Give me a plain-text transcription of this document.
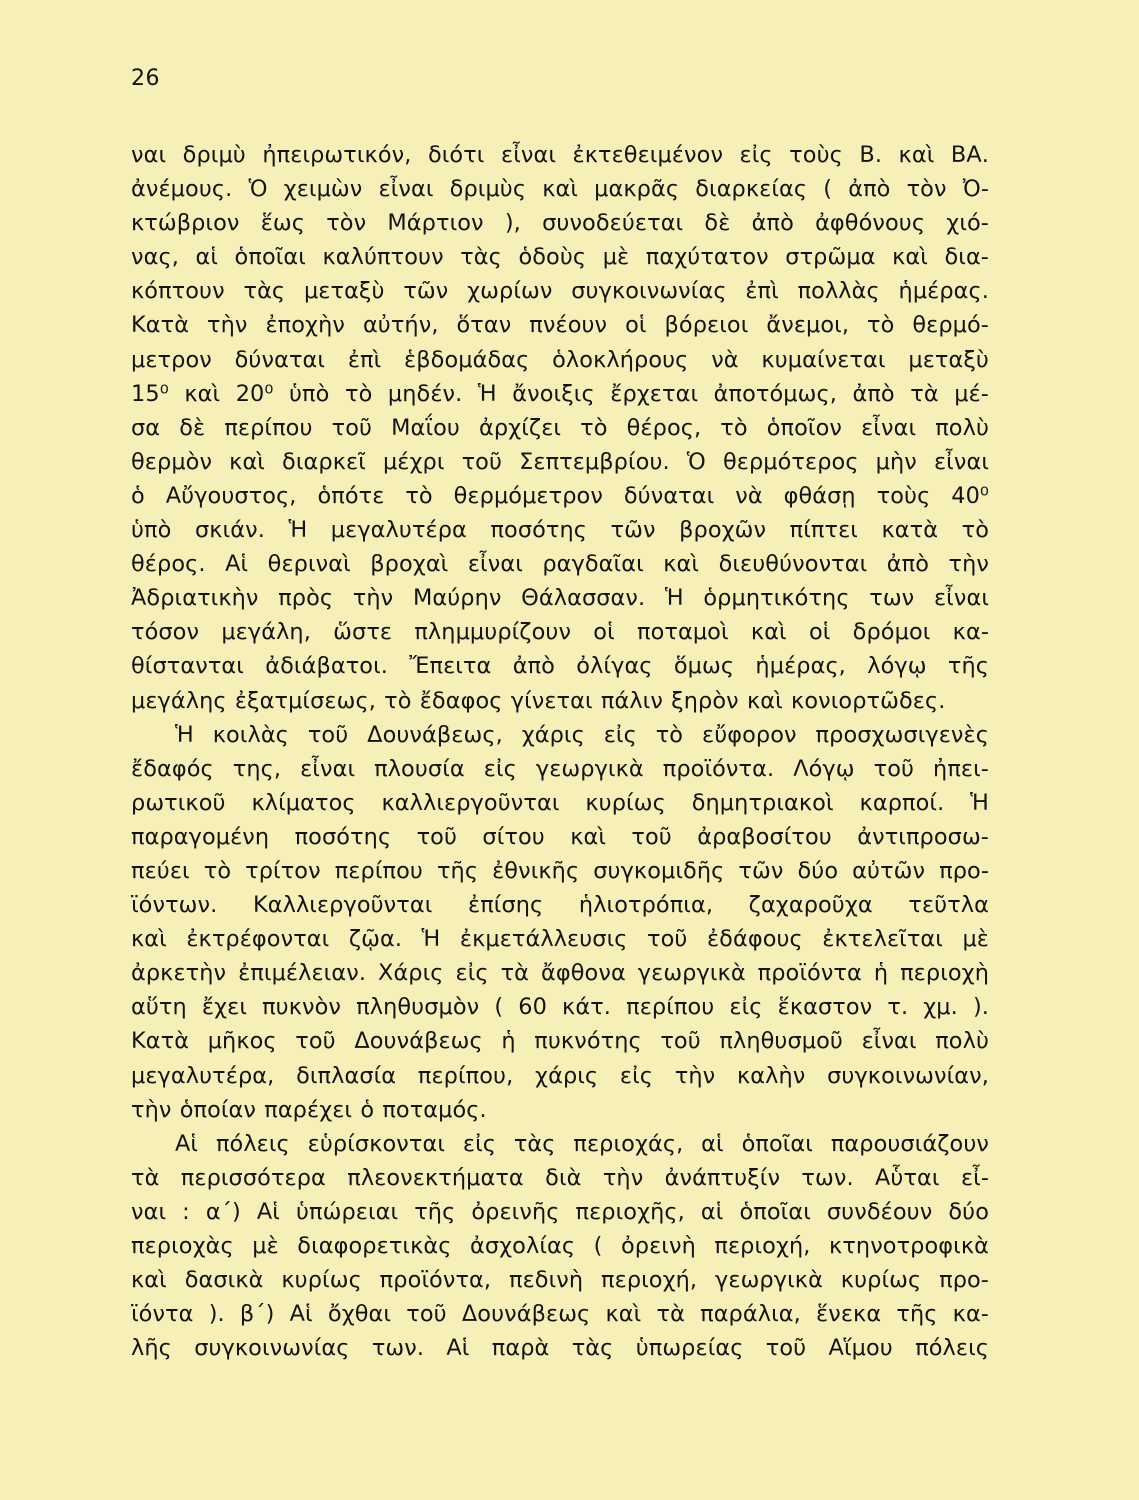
26

ναι δριμὺ ἠπειρωτικόν, διότι εἶναι ἐκτεθειμένον εἰς τοὺς Β. καὶ ΒΑ.
ἀνέμους. Ὁ χειμὼν εἶναι δριμὺς καὶ μακρᾶς διαρκείας ( ἀπὸ τὸν Ὀ-
κτώβριον ἕως τὸν Μάρτιον ), συνοδεύεται δὲ ἀπὸ ἀφθόνους χιό-
νας, αἱ ὁποῖαι καλύπτουν τὰς ὁδοὺς μὲ παχύτατον στρῶμα καὶ δια-
κόπτουν τὰς μεταξὺ τῶν χωρίων συγκοινωνίας ἐπὶ πολλὰς ἡμέρας.
Κατὰ τὴν ἐποχὴν αὐτήν, ὅταν πνέουν οἱ βόρειοι ἄνεμοι, τὸ θερμό-
μετρον δύναται ἐπὶ ἑβδομάδας ὁλοκλήρους νὰ κυμαίνεται μεταξὺ
15⁰ καὶ 20⁰ ὑπὸ τὸ μηδέν. Ἡ ἄνοιξις ἔρχεται ἀποτόμως, ἀπὸ τὰ μέ-
σα δὲ περίπου τοῦ Μαΐου ἀρχίζει τὸ θέρος, τὸ ὁποῖον εἶναι πολὺ
θερμὸν καὶ διαρκεῖ μέχρι τοῦ Σεπτεμβρίου. Ὁ θερμότερος μὴν εἶναι
ὁ Αὔγουστος, ὁπότε τὸ θερμόμετρον δύναται νὰ φθάσῃ τοὺς 40⁰
ὑπὸ σκιάν. Ἡ μεγαλυτέρα ποσότης τῶν βροχῶν πίπτει κατὰ τὸ
θέρος. Αἱ θεριναὶ βροχαὶ εἶναι ραγδαῖαι καὶ διευθύνονται ἀπὸ τὴν
Ἀδριατικὴν πρὸς τὴν Μαύρην Θάλασσαν. Ἡ ὁρμητικότης των εἶναι
τόσον μεγάλη, ὥστε πλημμυρίζουν οἱ ποταμοὶ καὶ οἱ δρόμοι κα-
θίστανται ἀδιάβατοι. Ἔπειτα ἀπὸ ὀλίγας ὅμως ἡμέρας, λόγῳ τῆς
μεγάλης ἐξατμίσεως, τὸ ἔδαφος γίνεται πάλιν ξηρὸν καὶ κονιορτῶδες.

Ἡ κοιλὰς τοῦ Δουνάβεως, χάρις εἰς τὸ εὔφορον προσχωσιγενὲς
ἔδαφός της, εἶναι πλουσία εἰς γεωργικὰ προϊόντα. Λόγῳ τοῦ ἠπει-
ρωτικοῦ κλίματος καλλιεργοῦνται κυρίως δημητριακοὶ καρποί. Ἡ
παραγομένη ποσότης τοῦ σίτου καὶ τοῦ ἀραβοσίτου ἀντιπροσω-
πεύει τὸ τρίτον περίπου τῆς ἐθνικῆς συγκομιδῆς τῶν δύο αὐτῶν προ-
ϊόντων. Καλλιεργοῦνται ἐπίσης ἡλιοτρόπια, ζαχαροῦχα τεῦτλα
καὶ ἐκτρέφονται ζῷα. Ἡ ἐκμετάλλευσις τοῦ ἐδάφους ἐκτελεῖται μὲ
ἀρκετὴν ἐπιμέλειαν. Χάρις εἰς τὰ ἄφθονα γεωργικὰ προϊόντα ἡ περιοχὴ
αὕτη ἔχει πυκνὸν πληθυσμὸν ( 60 κάτ. περίπου εἰς ἕκαστον τ. χμ. ).
Κατὰ μῆκος τοῦ Δουνάβεως ἡ πυκνότης τοῦ πληθυσμοῦ εἶναι πολὺ
μεγαλυτέρα, διπλασία περίπου, χάρις εἰς τὴν καλὴν συγκοινωνίαν,
τὴν ὁποίαν παρέχει ὁ ποταμός.

Αἱ πόλεις εὑρίσκονται εἰς τὰς περιοχάς, αἱ ὁποῖαι παρουσιάζουν
τὰ περισσότερα πλεονεκτήματα διὰ τὴν ἀνάπτυξίν των. Αὗται εἶ-
ναι : α΄) Αἱ ὑπώρειαι τῆς ὀρεινῆς περιοχῆς, αἱ ὁποῖαι συνδέουν δύο
περιοχὰς μὲ διαφορετικὰς ἀσχολίας ( ὀρεινὴ περιοχή, κτηνοτροφικὰ
καὶ δασικὰ κυρίως προϊόντα, πεδινὴ περιοχή, γεωργικὰ κυρίως προ-
ϊόντα ). β΄) Αἱ ὄχθαι τοῦ Δουνάβεως καὶ τὰ παράλια, ἕνεκα τῆς κα-
λῆς συγκοινωνίας των. Αἱ παρὰ τὰς ὑπωρείας τοῦ Αἵμου πόλεις
